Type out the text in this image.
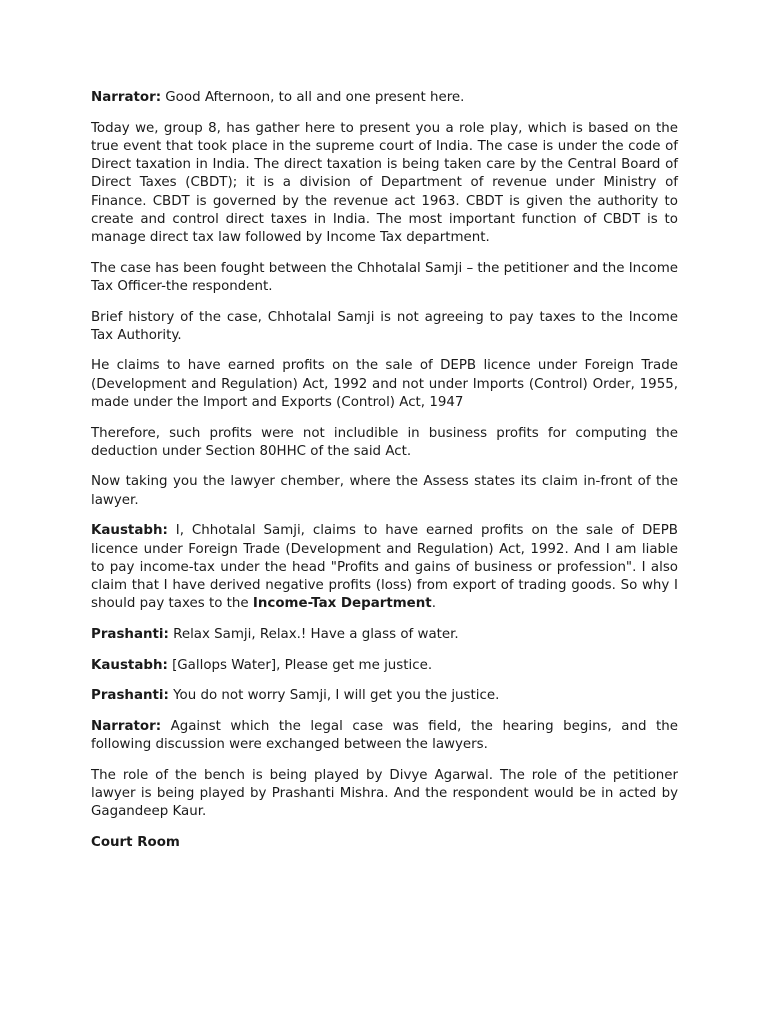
Narrator: Good Afternoon, to all and one present here.

Today we, group 8, has gather here to present you a role play, which is based on the true event that took place in the supreme court of India. The case is under the code of Direct taxation in India. The direct taxation is being taken care by the Central Board of Direct Taxes (CBDT); it is a division of Department of revenue under Ministry of Finance. CBDT is governed by the revenue act 1963. CBDT is given the authority to create and control direct taxes in India. The most important function of CBDT is to manage direct tax law followed by Income Tax department.

The case has been fought between the Chhotalal Samji – the petitioner and the Income Tax Officer-the respondent.

Brief history of the case, Chhotalal Samji is not agreeing to pay taxes to the Income Tax Authority.

He claims to have earned profits on the sale of DEPB licence under Foreign Trade (Development and Regulation) Act, 1992 and not under Imports (Control) Order, 1955, made under the Import and Exports (Control) Act, 1947

Therefore, such profits were not includible in business profits for computing the deduction under Section 80HHC of the said Act.

Now taking you the lawyer chember, where the Assess states its claim in-front of the lawyer.

Kaustabh: I, Chhotalal Samji, claims to have earned profits on the sale of DEPB licence under Foreign Trade (Development and Regulation) Act, 1992. And I am liable to pay income-tax under the head "Profits and gains of business or profession". I also claim that I have derived negative profits (loss) from export of trading goods. So why I should pay taxes to the Income-Tax Department.

Prashanti: Relax Samji, Relax.! Have a glass of water.

Kaustabh: [Gallops Water], Please get me justice.

Prashanti: You do not worry Samji, I will get you the justice.

Narrator: Against which the legal case was field, the hearing begins, and the following discussion were exchanged between the lawyers.

The role of the bench is being played by Divye Agarwal. The role of the petitioner lawyer is being played by Prashanti Mishra. And the respondent would be in acted by Gagandeep Kaur.

Court Room
